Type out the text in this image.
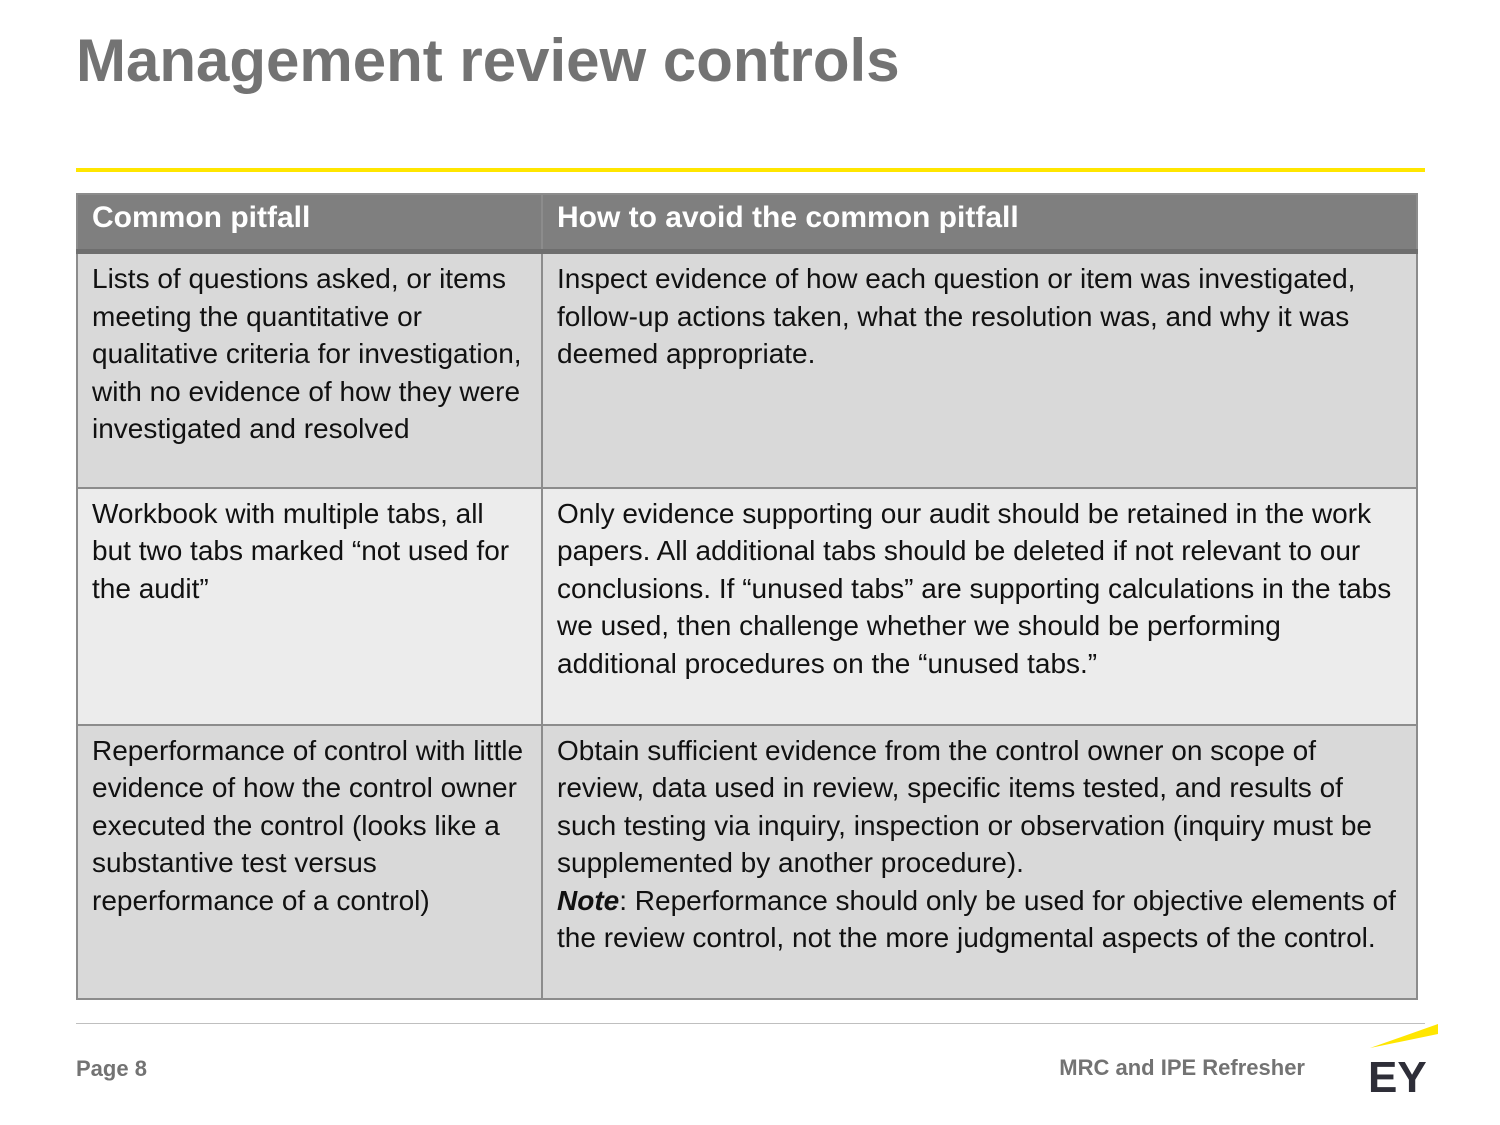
Management review controls
Common pitfall	How to avoid the common pitfall
Lists of questions asked, or items meeting the quantitative or qualitative criteria for investigation, with no evidence of how they were investigated and resolved	Inspect evidence of how each question or item was investigated, follow-up actions taken, what the resolution was, and why it was deemed appropriate.
Workbook with multiple tabs, all but two tabs marked “not used for the audit”	Only evidence supporting our audit should be retained in the work papers. All additional tabs should be deleted if not relevant to our conclusions. If “unused tabs” are supporting calculations in the tabs we used, then challenge whether we should be performing additional procedures on the “unused tabs.”
Reperformance of control with little evidence of how the control owner executed the control (looks like a substantive test versus reperformance of a control)	Obtain sufficient evidence from the control owner on scope of review, data used in review, specific items tested, and results of such testing via inquiry, inspection or observation (inquiry must be supplemented by another procedure).
Note: Reperformance should only be used for objective elements of the review control, not the more judgmental aspects of the control.
Page 8	MRC and IPE Refresher EY
